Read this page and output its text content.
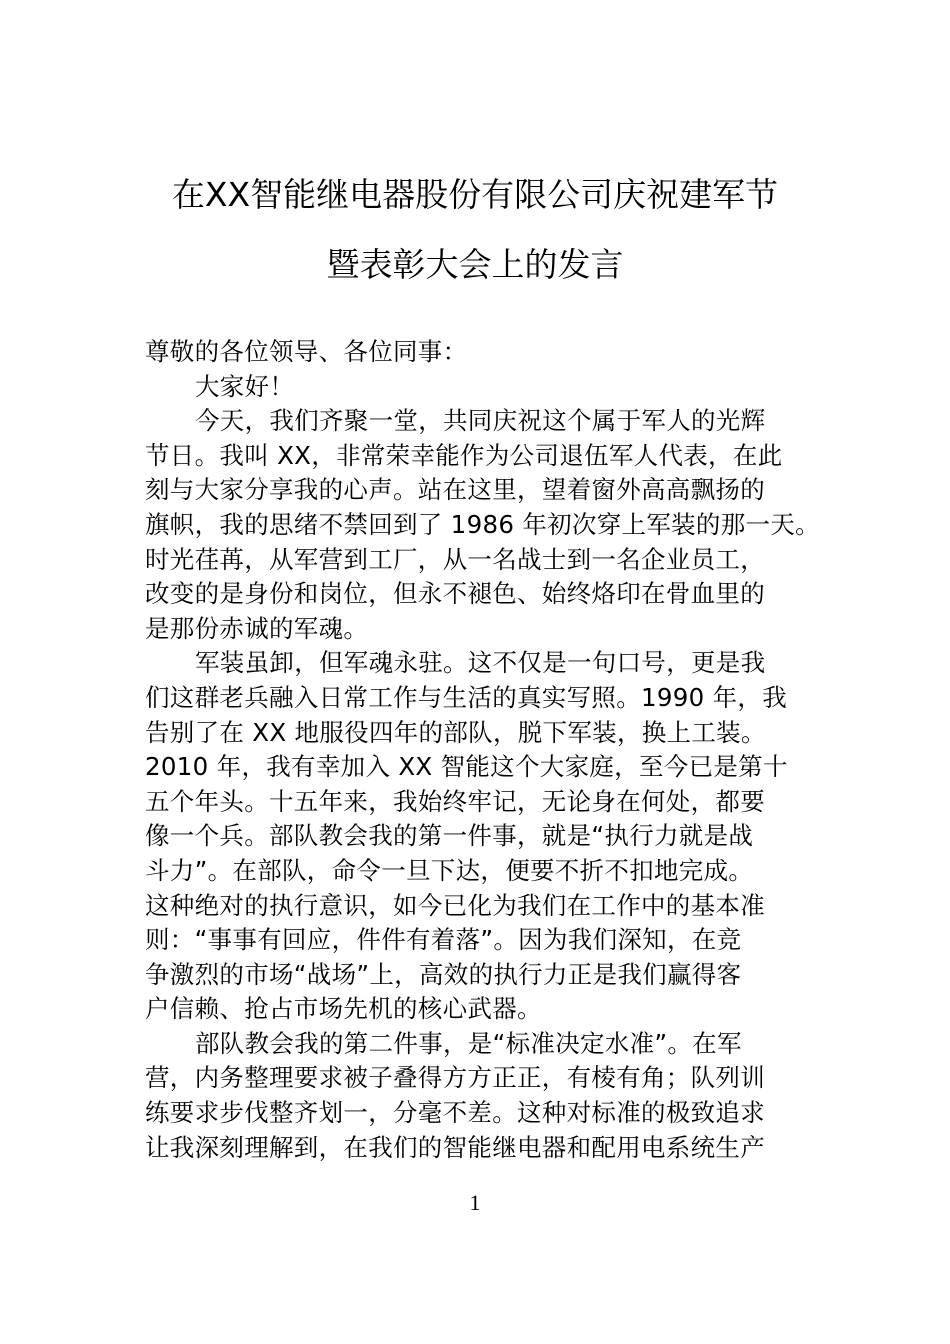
在XX智能继电器股份有限公司庆祝建军节
暨表彰大会上的发言
尊敬的各位领导、各位同事：
大家好！
今天，我们齐聚一堂，共同庆祝这个属于军人的光辉
节日。我叫 XX，非常荣幸能作为公司退伍军人代表，在此
刻与大家分享我的心声。站在这里，望着窗外高高飘扬的
旗帜，我的思绪不禁回到了 1986 年初次穿上军装的那一天。
时光荏苒，从军营到工厂，从一名战士到一名企业员工，
改变的是身份和岗位，但永不褪色、始终烙印在骨血里的
是那份赤诚的军魂。
军装虽卸，但军魂永驻。这不仅是一句口号，更是我
们这群老兵融入日常工作与生活的真实写照。1990 年，我
告别了在 XX 地服役四年的部队，脱下军装，换上工装。
2010 年，我有幸加入 XX 智能这个大家庭，至今已是第十
五个年头。十五年来，我始终牢记，无论身在何处，都要
像一个兵。部队教会我的第一件事，就是“执行力就是战
斗力”。在部队，命令一旦下达，便要不折不扣地完成。
这种绝对的执行意识，如今已化为我们在工作中的基本准
则：“事事有回应，件件有着落”。因为我们深知，在竞
争激烈的市场“战场”上，高效的执行力正是我们赢得客
户信赖、抢占市场先机的核心武器。
部队教会我的第二件事，是“标准决定水准”。在军
营，内务整理要求被子叠得方方正正，有棱有角；队列训
练要求步伐整齐划一，分毫不差。这种对标准的极致追求
让我深刻理解到，在我们的智能继电器和配用电系统生产
1
